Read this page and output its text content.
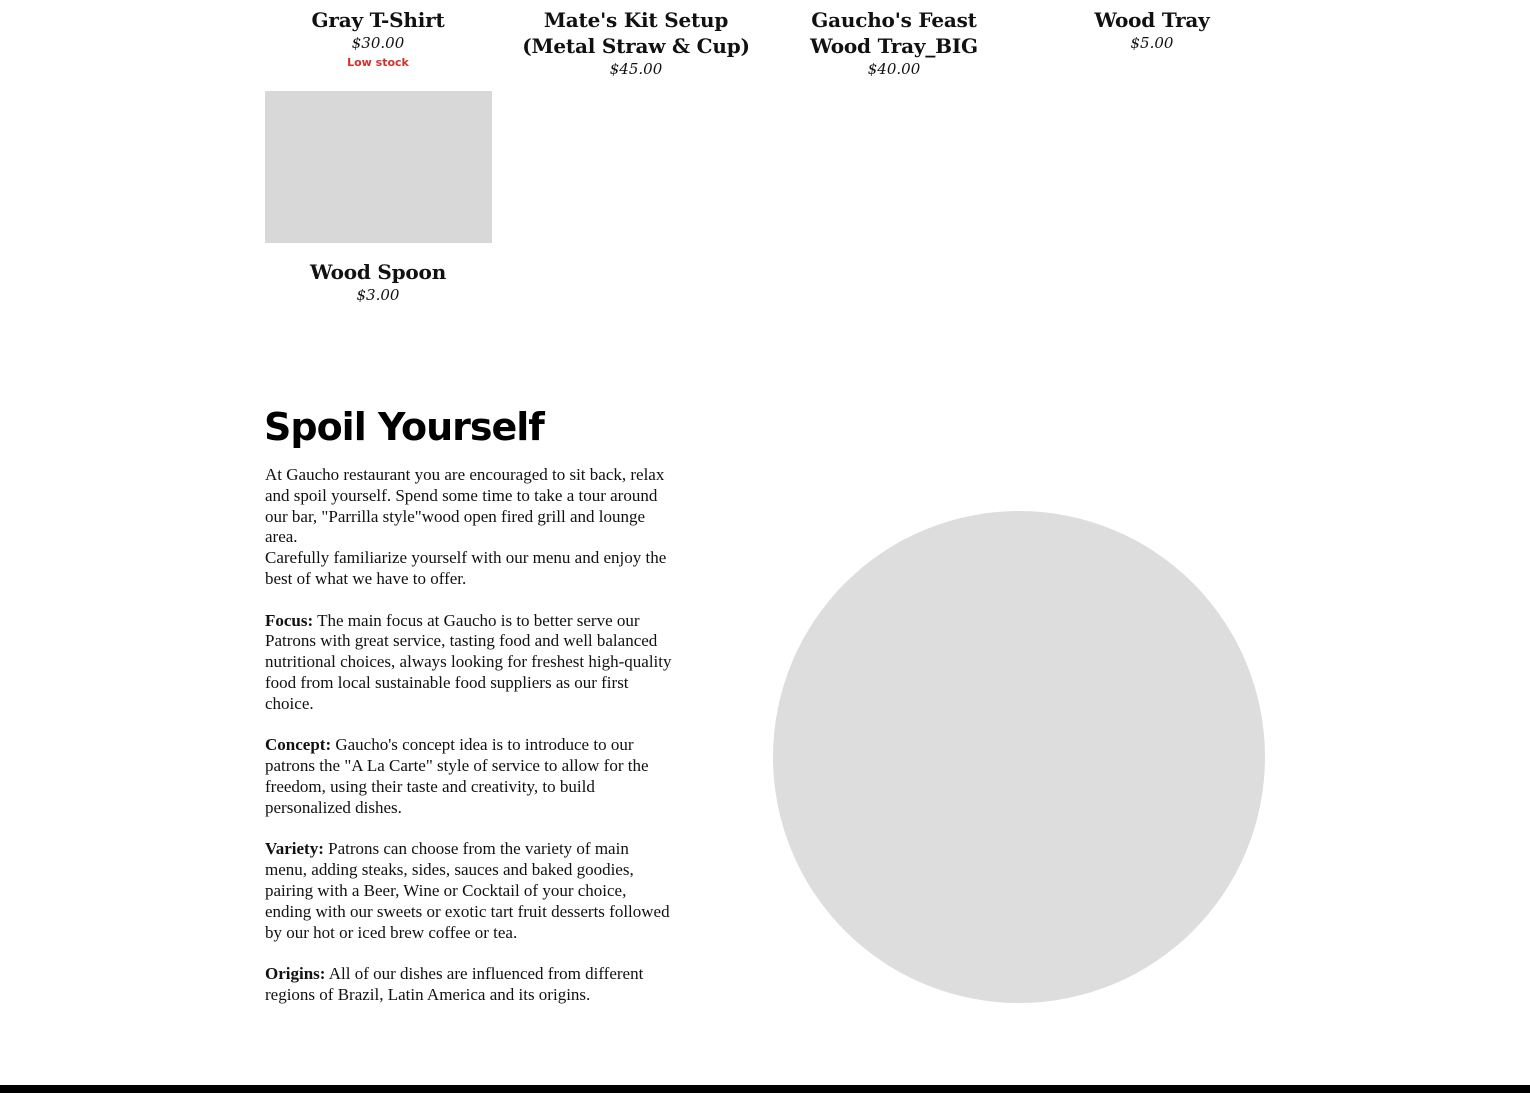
Gray T-Shirt

$30.00

Low stock

Mate's Kit Setup (Metal Straw & Cup)

$45.00

Gaucho's Feast Wood Tray_BIG

$40.00

Wood Tray

$5.00

Wood Spoon

$3.00

Spoil Yourself

At Gaucho restaurant you are encouraged to sit back, relax and spoil yourself. Spend some time to take a tour around our bar, "Parrilla style"wood open fired grill and lounge area.

Carefully familiarize yourself with our menu and enjoy the best of what we have to offer.

Focus: The main focus at Gaucho is to better serve our Patrons with great service, tasting food and well balanced nutritional choices, always looking for freshest high-quality food from local sustainable food suppliers as our first choice.

Concept: Gaucho's concept idea is to introduce to our patrons the "A La Carte" style of service to allow for the freedom, using their taste and creativity, to build personalized dishes.

Variety: Patrons can choose from the variety of main menu, adding steaks, sides, sauces and baked goodies, pairing with a Beer, Wine or Cocktail of your choice, ending with our sweets or exotic tart fruit desserts followed by our hot or iced brew coffee or tea.

Origins: All of our dishes are influenced from different regions of Brazil, Latin America and its origins.
